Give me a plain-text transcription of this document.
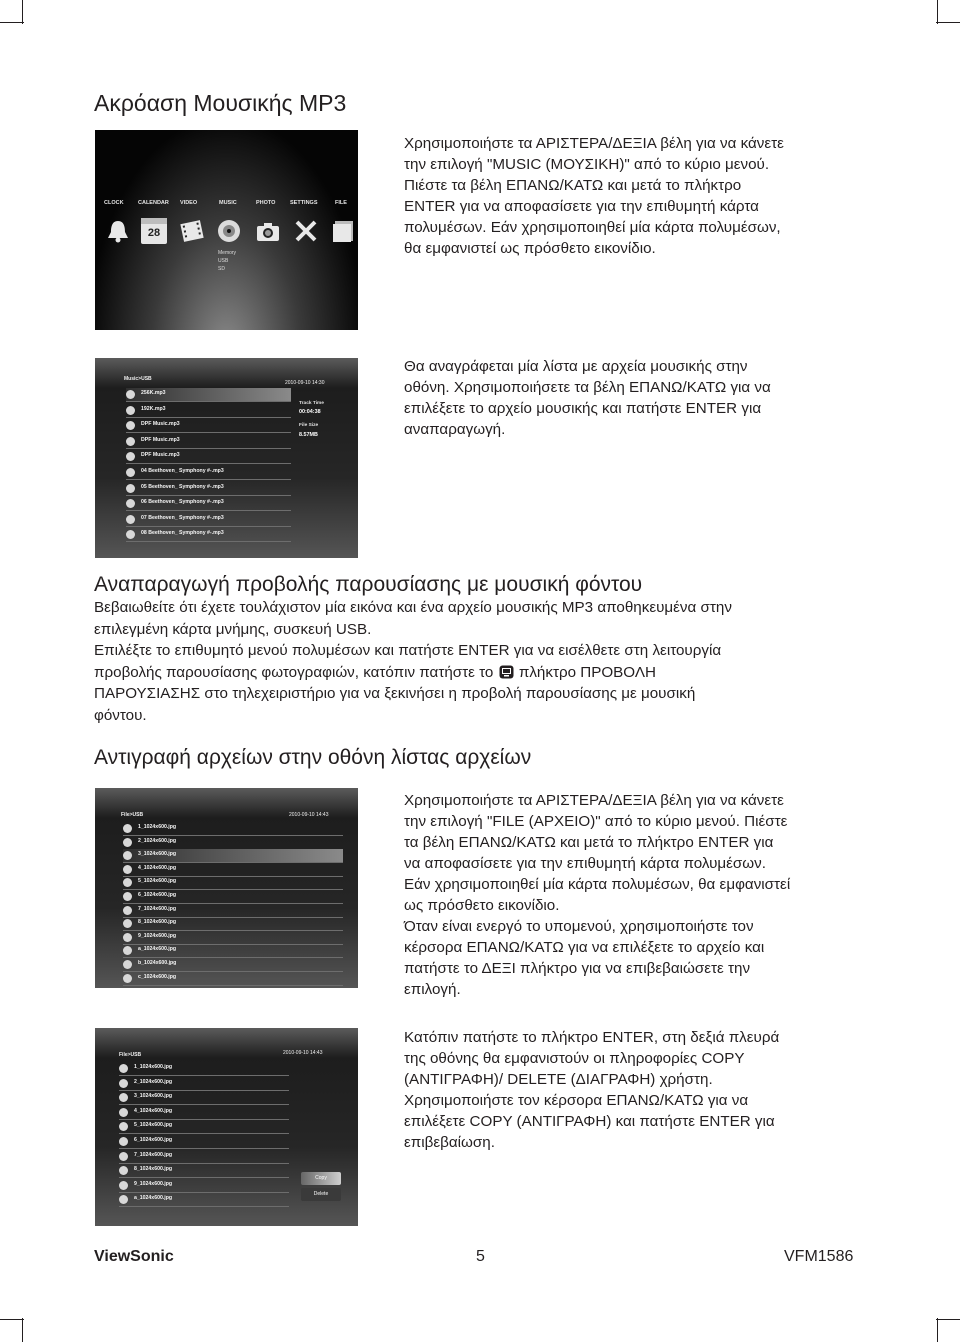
Ακρόαση Μουσικής MP3
CLOCK	CALENDAR VIDEO	MUSIC	PHOTO	SETTINGS	FILE
28
Memory
USB
SD

Χρησιμοποιήστε τα ΑΡΙΣΤΕΡΑ/ΔΕΞΙΑ βέλη για να κάνετε

την επιλογή "MUSIC (ΜΟΥΣΙΚΗ)" από το κύριο μενού.

Πιέστε τα βέλη ΕΠΑΝΩ/ΚΑΤΩ και μετά το πλήκτρο

ENTER για να αποφασίσετε για την επιθυμητή κάρτα

πολυμέσων. Εάν χρησιμοποιηθεί μία κάρτα πολυμέσων,

θα εμφανιστεί ως πρόσθετο εικονίδιο.

Music>USB
2010-09-10 14:30
256K.mp3
192K.mp3
DPF Music.mp3
DPF Music.mp3
DPF Music.mp3
04 Beethoven_ Symphony #-.mp3
05 Beethoven_ Symphony #-.mp3
06 Beethoven_ Symphony #-.mp3
07 Beethoven_ Symphony #-.mp3
08 Beethoven_ Symphony #-.mp3
Track Time
00:04:38
File Size
8.57MB

Θα αναγράφεται μία λίστα με αρχεία μουσικής στην

οθόνη. Χρησιμοποιήσετε τα βέλη ΕΠΑΝΩ/ΚΑΤΩ για να

επιλέξετε το αρχείο μουσικής και πατήστε ENTER για

αναπαραγωγή.

Αναπαραγωγή προβολής παρουσίασης με μουσική φόντου

Βεβαιωθείτε ότι έχετε τουλάχιστον μία εικόνα και ένα αρχείο μουσικής MP3 αποθηκευμένα στην

επιλεγμένη κάρτα μνήμης, συσκευή USB.

Επιλέξτε το επιθυμητό μενού πολυμέσων και πατήστε ENTER για να εισέλθετε στη λειτουργία

προβολής παρουσίασης φωτογραφιών, κατόπιν πατήστε το πλήκτρο ΠΡΟΒΟΛΗ

ΠΑΡΟΥΣΙΑΣΗΣ στο τηλεχειριστήριο για να ξεκινήσει η προβολή παρουσίασης με μουσική

φόντου.

Αντιγραφή αρχείων στην οθόνη λίστας αρχείων
File>USB	2010-09-10 14:43
1_1024x600.jpg
2_1024x600.jpg
3_1024x600.jpg
4_1024x600.jpg
5_1024x600.jpg
6_1024x600.jpg
7_1024x600.jpg
8_1024x600.jpg
9_1024x600.jpg
a_1024x600.jpg
b_1024x600.jpg
c_1024x600.jpg

Χρησιμοποιήστε τα ΑΡΙΣΤΕΡΑ/ΔΕΞΙΑ βέλη για να κάνετε

την επιλογή "FILE (ΑΡΧΕΙΟ)" από το κύριο μενού. Πιέστε

τα βέλη ΕΠΑΝΩ/ΚΑΤΩ και μετά το πλήκτρο ENTER για

να αποφασίσετε για την επιθυμητή κάρτα πολυμέσων.

Εάν χρησιμοποιηθεί μία κάρτα πολυμέσων, θα εμφανιστεί

ως πρόσθετο εικονίδιο.

Όταν είναι ενεργό το υπομενού, χρησιμοποιήστε τον

κέρσορα ΕΠΑΝΩ/ΚΑΤΩ για να επιλέξετε το αρχείο και

πατήστε το ΔΕΞΙ πλήκτρο για να επιβεβαιώσετε την

επιλογή.

File>USB	2010-09-10 14:43
1_1024x600.jpg
2_1024x600.jpg
3_1024x600.jpg
4_1024x600.jpg
5_1024x600.jpg
6_1024x600.jpg
7_1024x600.jpg
8_1024x600.jpg
9_1024x600.jpg
a_1024x600.jpg
Copy
Delete

Κατόπιν πατήστε το πλήκτρο ENTER, στη δεξιά πλευρά

της οθόνης θα εμφανιστούν οι πληροφορίες COPY

(ΑΝΤΙΓΡΑΦΗ)/ DELETE (ΔΙΑΓΡΑΦΗ) χρήστη.

Χρησιμοποιήστε τον κέρσορα ΕΠΑΝΩ/ΚΑΤΩ για να

επιλέξετε COPY (ΑΝΤΙΓΡΑΦΗ) και πατήστε ENTER για

επιβεβαίωση.

ViewSonic	5	VFM1586
